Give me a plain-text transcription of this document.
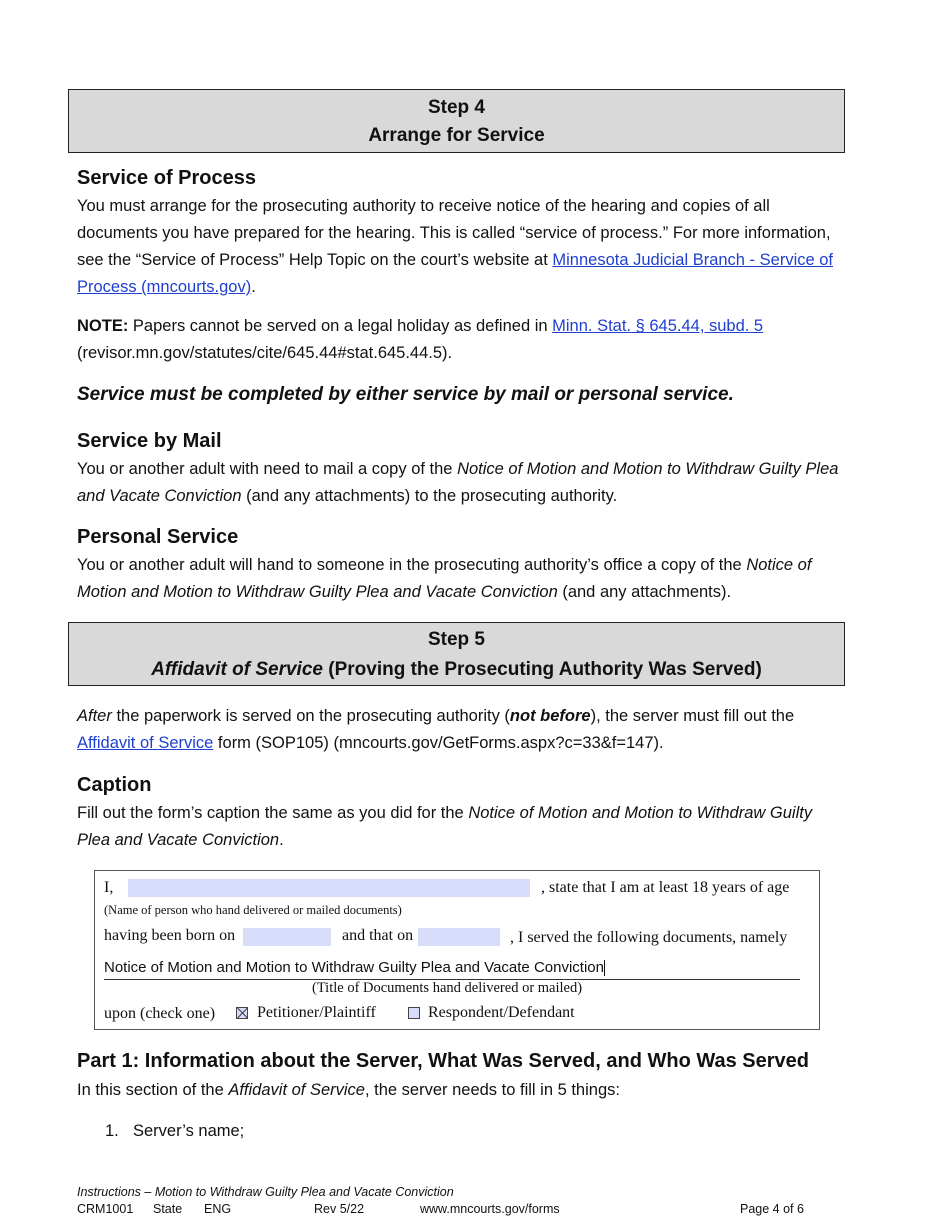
Step 4
Arrange for Service
Service of Process
You must arrange for the prosecuting authority to receive notice of the hearing and copies of all documents you have prepared for the hearing. This is called “service of process.” For more information, see the “Service of Process” Help Topic on the court’s website at Minnesota Judicial Branch - Service of Process (mncourts.gov).
NOTE: Papers cannot be served on a legal holiday as defined in Minn. Stat. § 645.44, subd. 5
(revisor.mn.gov/statutes/cite/645.44#stat.645.44.5).
Service must be completed by either service by mail or personal service.
Service by Mail
You or another adult with need to mail a copy of the Notice of Motion and Motion to Withdraw Guilty Plea and Vacate Conviction (and any attachments) to the prosecuting authority.
Personal Service
You or another adult will hand to someone in the prosecuting authority’s office a copy of the Notice of Motion and Motion to Withdraw Guilty Plea and Vacate Conviction (and any attachments).
Step 5
Affidavit of Service (Proving the Prosecuting Authority Was Served)
After the paperwork is served on the prosecuting authority (not before), the server must fill out the Affidavit of Service form (SOP105) (mncourts.gov/GetForms.aspx?c=33&f=147).
Caption
Fill out the form’s caption the same as you did for the Notice of Motion and Motion to Withdraw Guilty Plea and Vacate Conviction.
I,	, state that I am at least 18 years of age
(Name of person who hand delivered or mailed documents)
having been born on	and that on	, I served the following documents, namely
Notice of Motion and Motion to Withdraw Guilty Plea and Vacate Conviction
(Title of Documents hand delivered or mailed)
upon (check one)	Petitioner/Plaintiff	Respondent/Defendant
Part 1: Information about the Server, What Was Served, and Who Was Served
In this section of the Affidavit of Service, the server needs to fill in 5 things:
1. Server’s name;
Instructions – Motion to Withdraw Guilty Plea and Vacate Conviction
CRM1001 State ENG	Rev 5/22	www.mncourts.gov/forms	Page 4 of 6
